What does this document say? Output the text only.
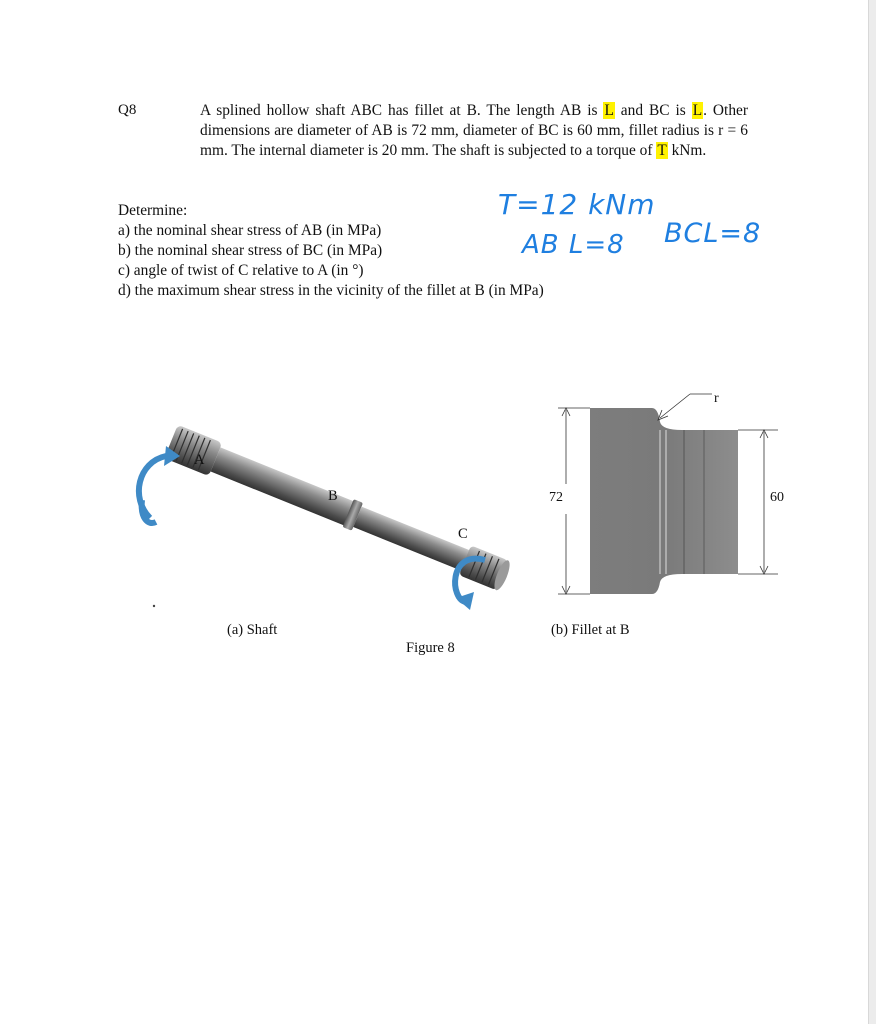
Q8	A splined hollow shaft ABC has fillet at B. The length AB is L and BC is L. Other dimensions are diameter of AB is 72 mm, diameter of BC is 60 mm, fillet radius is r = 6 mm. The internal diameter is 20 mm. The shaft is subjected to a torque of T kNm.
Determine:
a) the nominal shear stress of AB (in MPa)
b) the nominal shear stress of BC (in MPa)
c) angle of twist of C relative to A (in °)
d) the maximum shear stress in the vicinity of the fillet at B (in MPa)
T=12 kNm
AB L=8 BCL=8
A
B
C
72	60
r
(a) Shaft	(b) Fillet at B
Figure 8
